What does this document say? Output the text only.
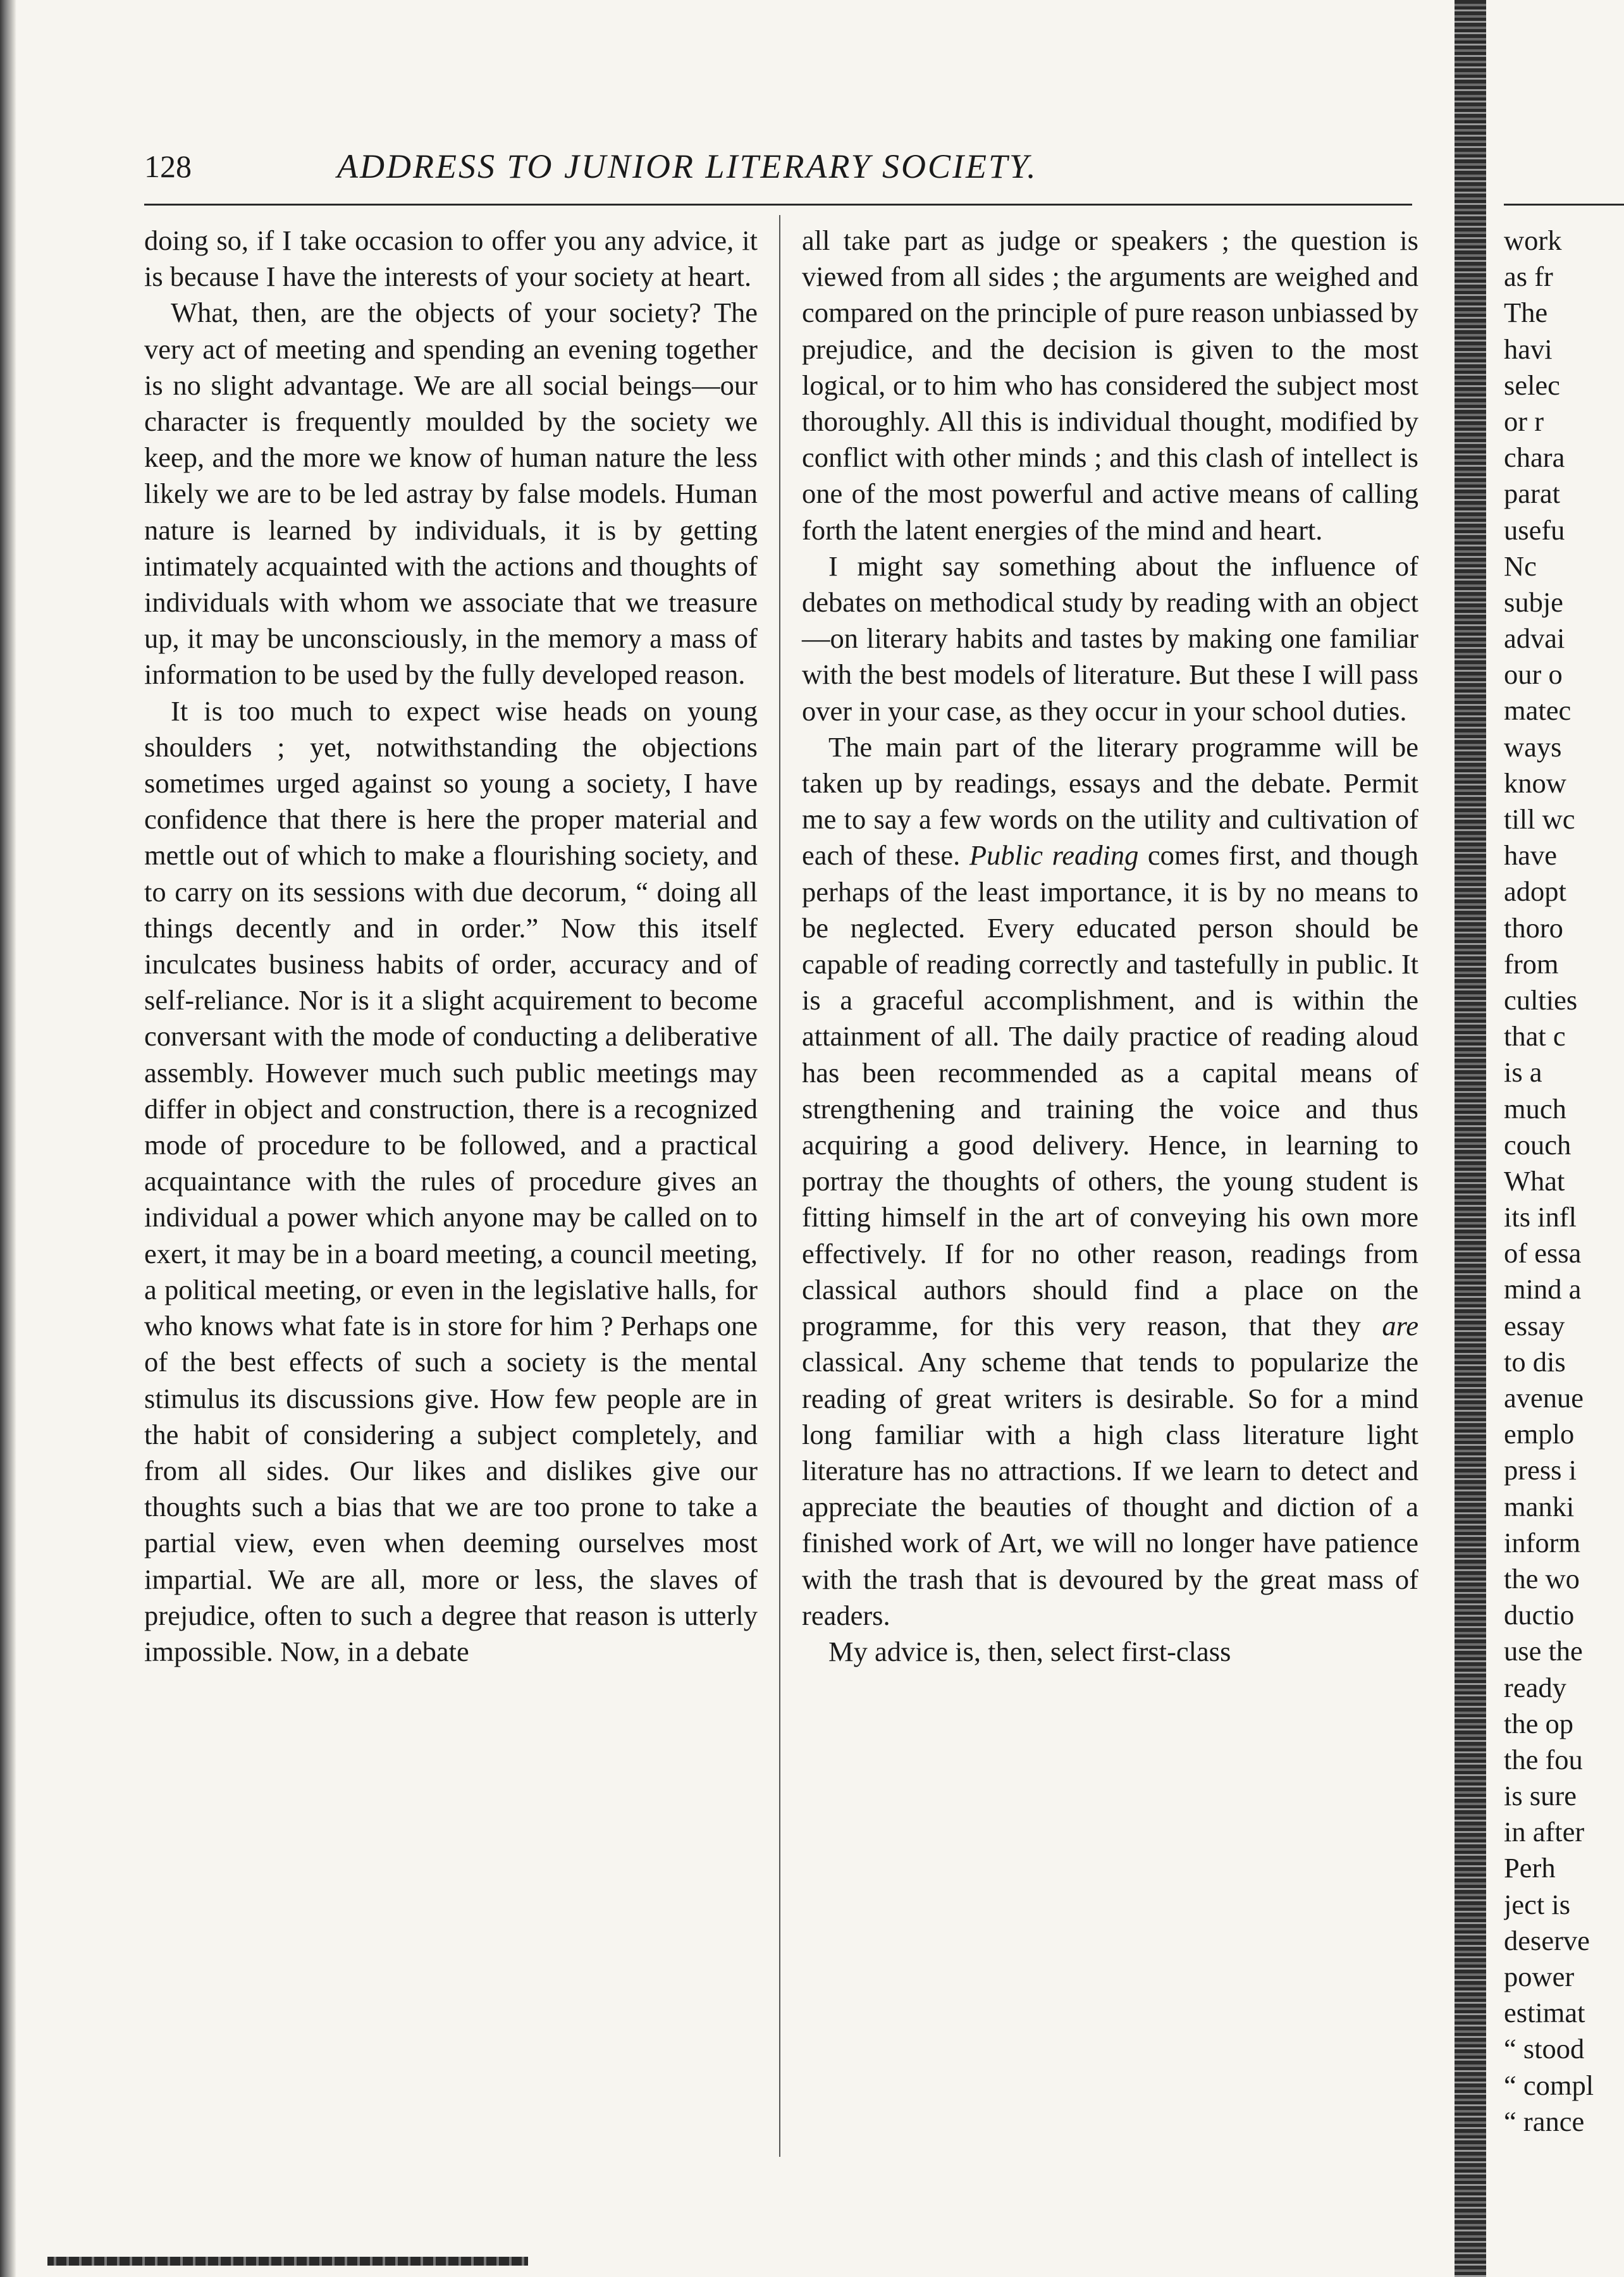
128	ADDRESS TO JUNIOR LITERARY SOCIETY.

doing so, if I take occasion to offer you any advice, it is because I have the interests of your society at heart.

What, then, are the objects of your society? The very act of meeting and spending an evening together is no slight advantage. We are all social beings—our character is frequently moulded by the society we keep, and the more we know of human nature the less likely we are to be led astray by false models. Human nature is learned by individuals, it is by getting intimately acquainted with the actions and thoughts of individuals with whom we associate that we treasure up, it may be unconsciously, in the memory a mass of information to be used by the fully developed reason.

It is too much to expect wise heads on young shoulders ; yet, notwithstanding the objections sometimes urged against so young a society, I have confidence that there is here the proper material and mettle out of which to make a flourishing society, and to carry on its sessions with due decorum, “ doing all things decently and in order.” Now this itself inculcates business habits of order, accuracy and of self-reliance. Nor is it a slight acquirement to become conversant with the mode of conducting a deliberative assembly. However much such public meetings may differ in object and construction, there is a recognized mode of procedure to be followed, and a practical acquaintance with the rules of procedure gives an individual a power which anyone may be called on to exert, it may be in a board meeting, a council meeting, a political meeting, or even in the legislative halls, for who knows what fate is in store for him ? Perhaps one of the best effects of such a society is the mental stimulus its discussions give. How few people are in the habit of considering a subject completely, and from all sides. Our likes and dislikes give our thoughts such a bias that we are too prone to take a partial view, even when deeming ourselves most impartial. We are all, more or less, the slaves of prejudice, often to such a degree that reason is utterly impossible. Now, in a debate

all take part as judge or speakers ; the question is viewed from all sides ; the arguments are weighed and compared on the principle of pure reason unbiassed by prejudice, and the decision is given to the most logical, or to him who has considered the subject most thoroughly. All this is individual thought, modified by conflict with other minds ; and this clash of intellect is one of the most powerful and active means of calling forth the latent energies of the mind and heart.

I might say something about the influence of debates on methodical study by reading with an object—on literary habits and tastes by making one familiar with the best models of literature. But these I will pass over in your case, as they occur in your school duties.

The main part of the literary programme will be taken up by readings, essays and the debate. Permit me to say a few words on the utility and cultivation of each of these. Public reading comes first, and though perhaps of the least importance, it is by no means to be neglected. Every educated person should be capable of reading correctly and tastefully in public. It is a graceful accomplishment, and is within the attainment of all. The daily practice of reading aloud has been recommended as a capital means of strengthening and training the voice and thus acquiring a good delivery. Hence, in learning to portray the thoughts of others, the young student is fitting himself in the art of conveying his own more effectively. If for no other reason, readings from classical authors should find a place on the programme, for this very reason, that they are classical. Any scheme that tends to popularize the reading of great writers is desirable. So for a mind long familiar with a high class literature light literature has no attractions. If we learn to detect and appreciate the beauties of thought and diction of a finished work of Art, we will no longer have patience with the trash that is devoured by the great mass of readers.

My advice is, then, select first-class

work
as fr
The
havi
selec
or r
chara
parat
usefu
Nc
subje
advai
our o
matec
ways
know
till wc
have
adopt
thoro
from
culties
that c
is a
much
couch
What
its infl
of essa
mind a
essay
to dis
avenue
emplo
press i
manki
inform
the wo
ductio
use the
ready
the op
the fou
is sure
in after
Perh
ject is
deserve
power
estimat
“ stood
“ compl
“ rance
